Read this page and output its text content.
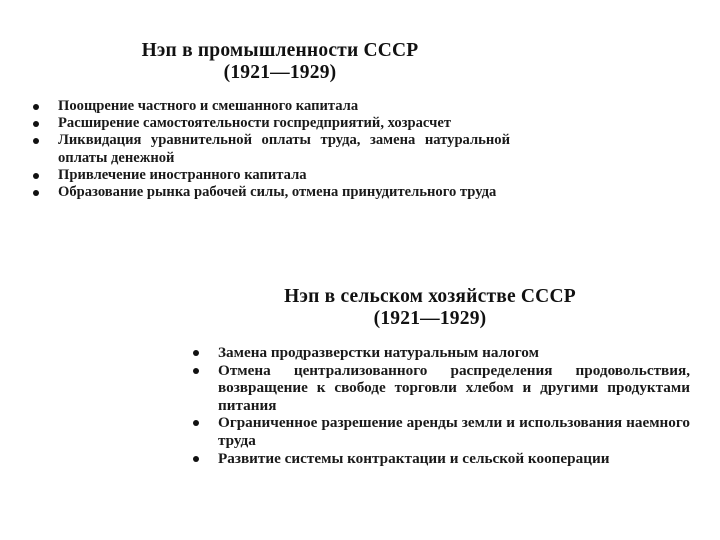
Нэп в промышленности СССР
(1921—1929)
Поощрение частного и смешанного капитала
Расширение самостоятельности госпредприятий, хозрасчет
Ликвидация уравнительной оплаты труда, замена натуральной оплаты денежной
Привлечение иностранного капитала
Образование рынка рабочей силы, отмена принудительного труда
Нэп в сельском хозяйстве СССР
(1921—1929)
Замена продразверстки натуральным налогом
Отмена централизованного распределения продовольствия, возвращение к свободе торговли хлебом и другими продуктами питания
Ограниченное разрешение аренды земли и использования наемного труда
Развитие системы контрактации и сельской кооперации
